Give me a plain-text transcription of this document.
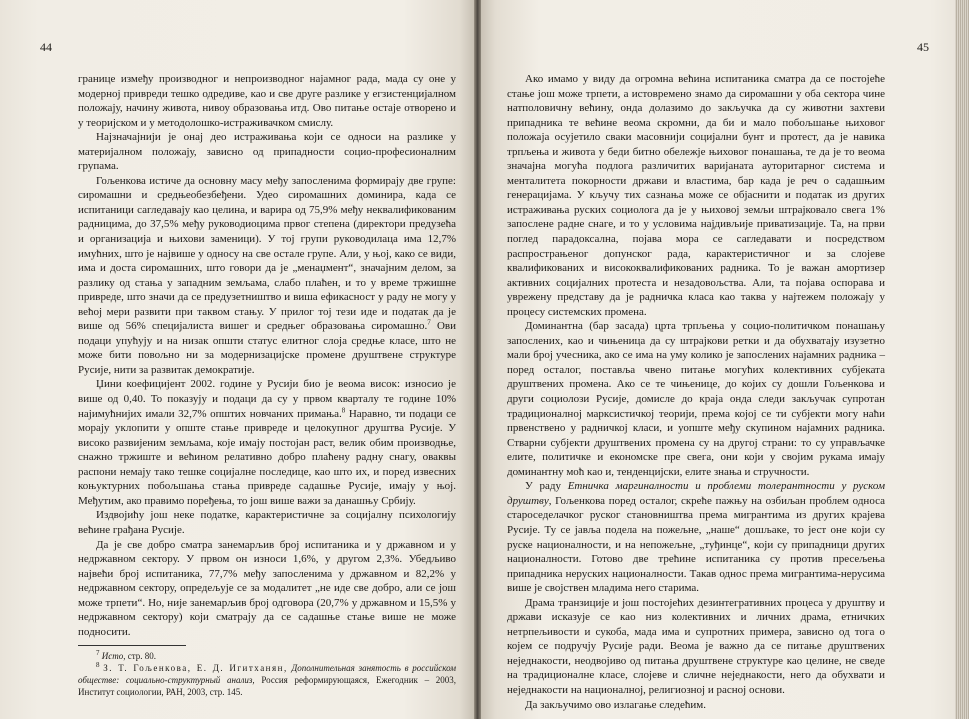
44

границе између производног и непроизводног најамног рада, мада су оне у модерној привреди тешко одредиве, као и све друге разлике у егзистенцијалном положају, начину живота, нивоу образовања итд. Ово питање остаје отворено и у теоријском и у методолошко-истраживачком смислу.

Најзначајнији је онај део истраживања који се односи на разлике у материјалном положају, зависно од припадности социо-професионалним групама.

Гољенкова истиче да основну масу међу запосленима формирају две групе: сиромашни и средњеобезбеђени. Удео сиромашних доминира, када се испитаници сагледавају као целина, и варира од 75,9% међу неквалификованим радницима, до 37,5% међу руководиоцима првог степена (директори предузећа и организација и њихови заменици). У тој групи руководилаца има 12,7% имућних, што је највише у односу на све остале групе. Али, у њој, како се види, има и доста сиромашних, што говори да је „менаџмент“, значајним делом, за разлику од стања у западним земљама, слабо плаћен, и то у време тржишне привреде, што значи да се предузетништво и виша ефикасност у раду не могу у већој мери развити при таквом стању. У прилог тој тези иде и податак да је више од 56% специјалиста вишег и средњег образовања сиромашно.$^7$ Ови подаци упућују и на низак општи статус елитног слоја средње класе, што не може бити повољно ни за модернизацијске промене друштвене структуре Русије, нити за развитак демократије.

Џини коефицијент 2002. године у Русији био је веома висок: износио је више од 0,40. То показују и подаци да су у првом кварталу те године 10% најимућнијих имали 32,7% општих новчаних примања.$^8$ Наравно, ти подаци се морају уклопити у опште стање привреде и целокупног друштва Русије. У високо развијеним земљама, које имају постојан раст, велик обим производње, снажно тржиште и већином релативно добро плаћену радну снагу, оваквы распони немају тако тешке социјалне последице, као што их, и поред извесних коњуктурних побољшања стања привреде садашње Русије, имају у њој. Међутим, ако правимо поређења, то још више важи за данашњу Србију.

Издвојићу још неке податке, карактеристичне за социјалну психологију већине грађана Русије.

Да је све добро сматра занемарљив број испитаника и у државном и у недржавном сектору. У првом он износи 1,6%, у другом 2,3%. Убедљиво највећи број испитаника, 77,7% међу запосленима у државном и 82,2% у недржавном сектору, опредељује се за модалитет „не иде све добро, али се још може трпети“. Но, није занемарљив број одговора (20,7% у државном и 15,5% у недржавном сектору) који сматрају да се садашње стање више не може подносити.

$^7$ Исто, стр. 80.

$^8$ З. Т. Гољенкова, Е. Д. Игитханян, Дополнительная занятость в российском обществе: социально-структурный анализ, Россия реформирующаяся, Ежегодник – 2003, Институт социологии, РАН, 2003, стр. 145.

45

Ако имамо у виду да огромна већина испитаника сматра да се постојеће стање још може трпети, а истовремено знамо да сиромашни у оба сектора чине натполовичну већину, онда долазимо до закључка да су животни захтеви припадника те већине веома скромни, да би и мало побољшање њиховог положаја осујетило сваки масовнији социјални бунт и протест, да је навика трпљења и живота у беди битно обележје њиховог понашања, те да је то веома значајна могућа подлога различитих варијаната ауторитарног система и менталитета покорности држави и властима, бар када је реч о садашњим генерацијама. У кључу тих сазнања може се објаснити и податак из других истраживања руских социолога да је у њиховој земљи штрајковало свега 1% запослене радне снаге, и то у условима најдивљије приватизације. Та, на први поглед парадоксална, појава мора се сагледавати и посредством распрострањеног допунског рада, карактеристичног и за слојеве квалификованих и висококвалификованих радника. То је важан амортизер активних социјалних протеста и незадовољства. Али, та појава оспорава и уврежену представу да је радничка класа као таква у најтежем положају у процесу системских промена.

Доминантна (бар засада) црта трпљења у социо-политичком понашању запослених, као и чињеница да су штрајкови ретки и да обухватају изузетно мали број учесника, ако се има на уму колико је запослених најамних радника – поред осталог, поставља чвено питање могућих колективних субјеката друштвених промена. Ако се те чињенице, до којих су дошли Гољенкова и други социолози Русије, домисле до краја онда следи закључак супротан традиционалној марксистичкој теорији, према којој се ти субјекти могу наћи првенствено у радничкој класи, и уопште међу скупином најамних радника. Стварни субјекти друштвених промена су на другој страни: то су управљачке елите, политичке и економске пре свега, они који у својим рукама имају доминантну моћ као и, тенденцијски, елите знања и стручности.

У раду Етничка маргиналности и проблеми толерантности у руском друштву, Гољенкова поред осталог, скреће пажњу на озбиљан проблем односа староседелачког руског становништва према мигрантима из других крајева Русије. Ту се јавља подела на пожељне, „наше“ дошљаке, то јест оне који су руске националности, и на непожељне, „туђинце“, који су припадници других националности. Готово две трећине испитаника су против пресељења припадника неруских националности. Такав однос према мигрантима-нерусима више је својствен младима него старима.

Драма транзиције и још постојећих дезинтегративних процеса у друштву и држави исказује се као низ колективних и личних драма, етничких нетрпељивости и сукоба, мада има и супротних примера, зависно од тога о којем се подручју Русије ради. Веома је важно да се питање друштвених неједнакости, неодвојиво од питања друштвене структуре као целине, не сведе на традиционалне класе, слојеве и сличне неједнакости, него да обухвати и неједнакости на националној, религиозној и расној основи.

Да закључимо ово излагање следећим.
